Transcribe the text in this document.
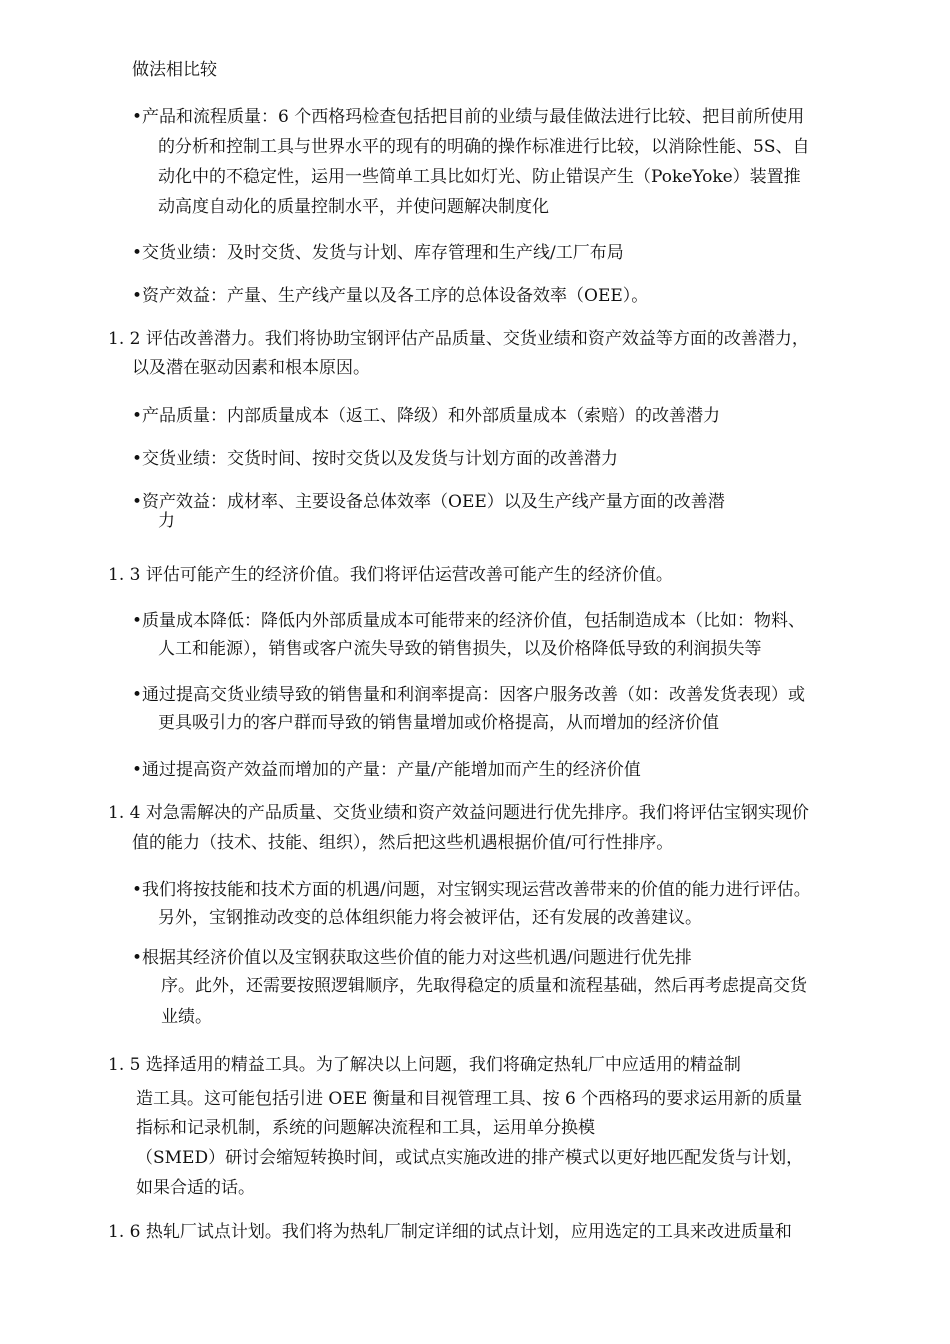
做法相比较
•产品和流程质量：6 个西格玛检查包括把目前的业绩与最佳做法进行比较、把目前所使用
的分析和控制工具与世界水平的现有的明确的操作标准进行比较，以消除性能、5S、自
动化中的不稳定性，运用一些简单工具比如灯光、防止错误产生（PokeYoke）装置推
动高度自动化的质量控制水平，并使问题解决制度化
•交货业绩：及时交货、发货与计划、库存管理和生产线/工厂布局
•资产效益：产量、生产线产量以及各工序的总体设备效率（OEE）。
1. 2 评估改善潜力。我们将协助宝钢评估产品质量、交货业绩和资产效益等方面的改善潜力，
以及潜在驱动因素和根本原因。
•产品质量：内部质量成本（返工、降级）和外部质量成本（索赔）的改善潜力
•交货业绩：交货时间、按时交货以及发货与计划方面的改善潜力
•资产效益：成材率、主要设备总体效率（OEE）以及生产线产量方面的改善潜
力
1. 3 评估可能产生的经济价值。我们将评估运营改善可能产生的经济价值。
•质量成本降低：降低内外部质量成本可能带来的经济价值，包括制造成本（比如：物料、
人工和能源），销售或客户流失导致的销售损失，以及价格降低导致的利润损失等
•通过提高交货业绩导致的销售量和利润率提高：因客户服务改善（如：改善发货表现）或
更具吸引力的客户群而导致的销售量增加或价格提高，从而增加的经济价值
•通过提高资产效益而增加的产量：产量/产能增加而产生的经济价值
1. 4 对急需解决的产品质量、交货业绩和资产效益问题进行优先排序。我们将评估宝钢实现价
值的能力（技术、技能、组织），然后把这些机遇根据价值/可行性排序。
•我们将按技能和技术方面的机遇/问题，对宝钢实现运营改善带来的价值的能力进行评估。
另外，宝钢推动改变的总体组织能力将会被评估，还有发展的改善建议。
•根据其经济价值以及宝钢获取这些价值的能力对这些机遇/问题进行优先排
序。此外，还需要按照逻辑顺序，先取得稳定的质量和流程基础，然后再考虑提高交货
业绩。
1. 5 选择适用的精益工具。为了解决以上问题，我们将确定热轧厂中应适用的精益制
造工具。这可能包括引进 OEE 衡量和目视管理工具、按 6 个西格玛的要求运用新的质量
指标和记录机制，系统的问题解决流程和工具，运用单分换模
（SMED）研讨会缩短转换时间，或试点实施改进的排产模式以更好地匹配发货与计划，
如果合适的话。
1. 6 热轧厂试点计划。我们将为热轧厂制定详细的试点计划，应用选定的工具来改进质量和
